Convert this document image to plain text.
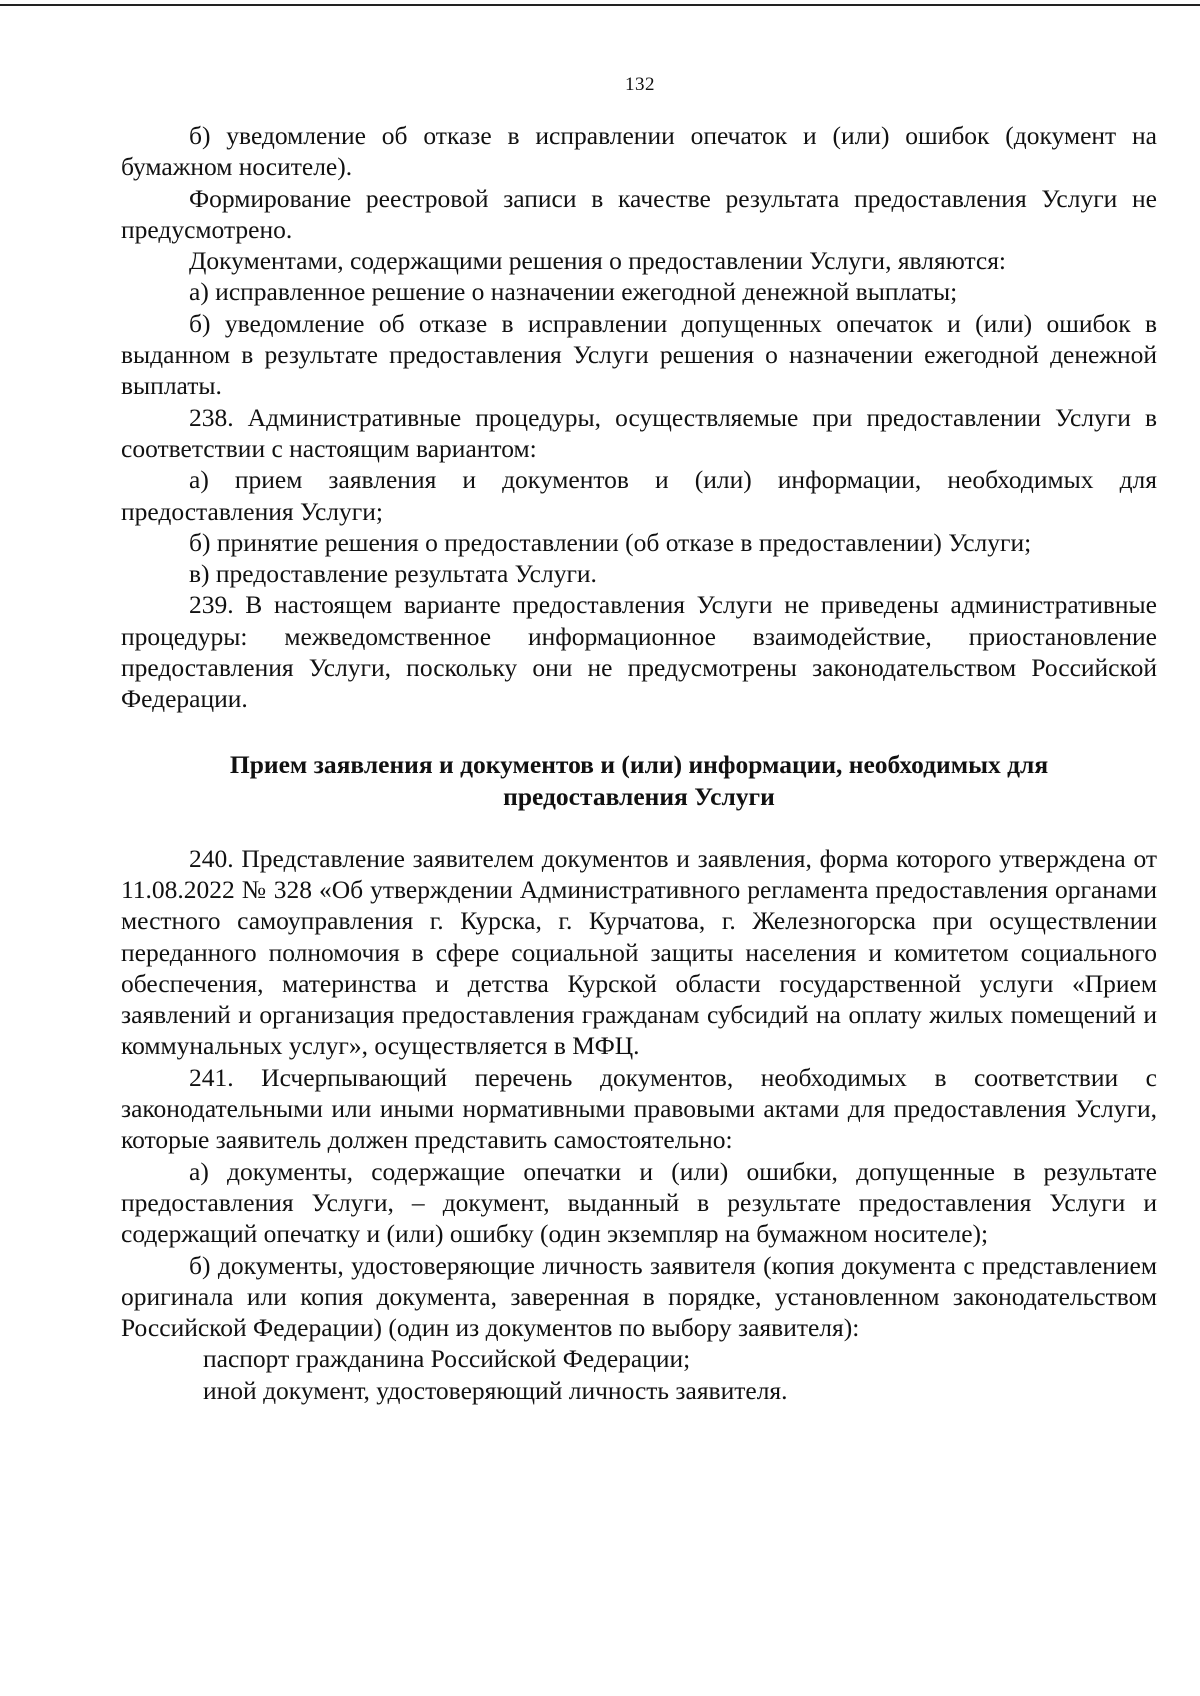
132

б) уведомление об отказе в исправлении опечаток и (или) ошибок (документ на бумажном носителе).

Формирование реестровой записи в качестве результата предоставления Услуги не предусмотрено.

Документами, содержащими решения о предоставлении Услуги, являются:

а) исправленное решение о назначении ежегодной денежной выплаты;

б) уведомление об отказе в исправлении допущенных опечаток и (или) ошибок в выданном в результате предоставления Услуги решения о назначении ежегодной денежной выплаты.

238. Административные процедуры, осуществляемые при предоставлении Услуги в соответствии с настоящим вариантом:

а) прием заявления и документов и (или) информации, необходимых для предоставления Услуги;

б) принятие решения о предоставлении (об отказе в предоставлении) Услуги;

в) предоставление результата Услуги.

239. В настоящем варианте предоставления Услуги не приведены административные процедуры: межведомственное информационное взаимодействие, приостановление предоставления Услуги, поскольку они не предусмотрены законодательством Российской Федерации.

Прием заявления и документов и (или) информации, необходимых для
предоставления Услуги

240. Представление заявителем документов и заявления, форма которого утверждена от 11.08.2022 № 328 «Об утверждении Административного регламента предоставления органами местного самоуправления г. Курска, г. Курчатова, г. Железногорска при осуществлении переданного полномочия в сфере социальной защиты населения и комитетом социального обеспечения, материнства и детства Курской области государственной услуги «Прием заявлений и организация предоставления гражданам субсидий на оплату жилых помещений и коммунальных услуг», осуществляется в МФЦ.

241. Исчерпывающий перечень документов, необходимых в соответствии с законодательными или иными нормативными правовыми актами для предоставления Услуги, которые заявитель должен представить самостоятельно:

а) документы, содержащие опечатки и (или) ошибки, допущенные в результате предоставления Услуги, – документ, выданный в результате предоставления Услуги и содержащий опечатку и (или) ошибку (один экземпляр на бумажном носителе);

б) документы, удостоверяющие личность заявителя (копия документа с представлением оригинала или копия документа, заверенная в порядке, установленном законодательством Российской Федерации) (один из документов по выбору заявителя):

паспорт гражданина Российской Федерации;

иной документ, удостоверяющий личность заявителя.
